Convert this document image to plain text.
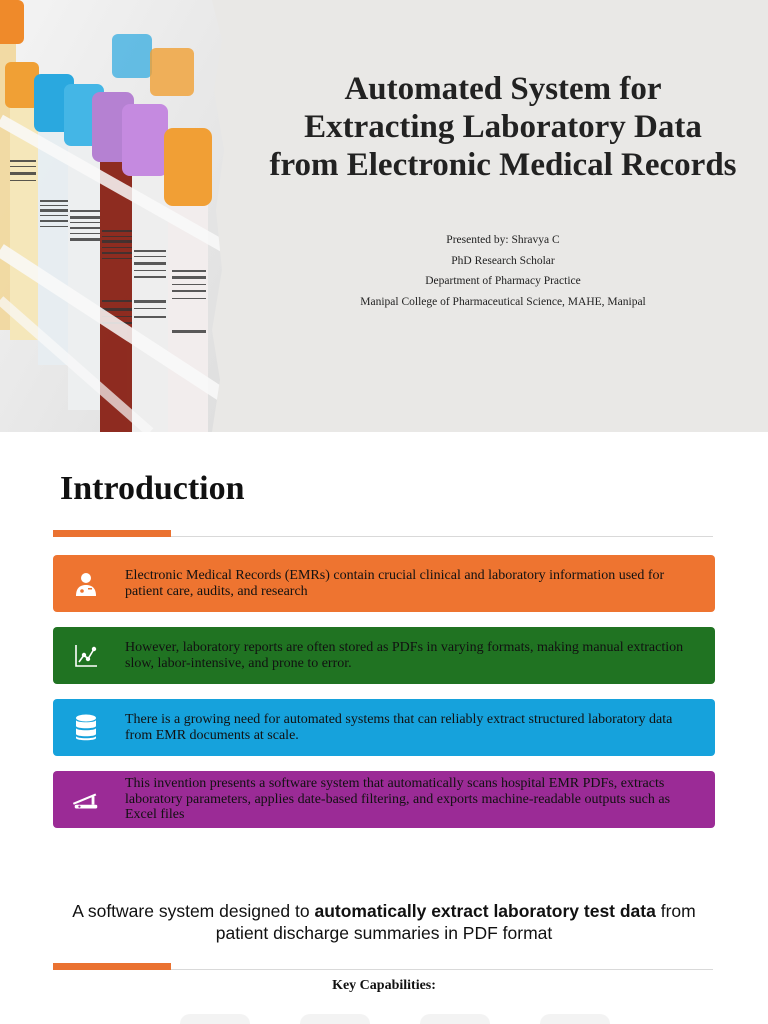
Automated System for Extracting Laboratory Data from Electronic Medical Records
Presented by: Shravya C
PhD Research Scholar
Department of Pharmacy Practice
Manipal College of Pharmaceutical Science, MAHE, Manipal
Introduction
Electronic Medical Records (EMRs) contain crucial clinical and laboratory information used for patient care, audits, and research
However, laboratory reports are often stored as PDFs in varying formats, making manual extraction slow, labor-intensive, and prone to error.
There is a growing need for automated systems that can reliably extract structured laboratory data from EMR documents at scale.
This invention presents a software system that automatically scans hospital EMR PDFs, extracts laboratory parameters, applies date-based filtering, and exports machine-readable outputs such as Excel files
A software system designed to automatically extract laboratory test data from patient discharge summaries in PDF format
Key Capabilities:
